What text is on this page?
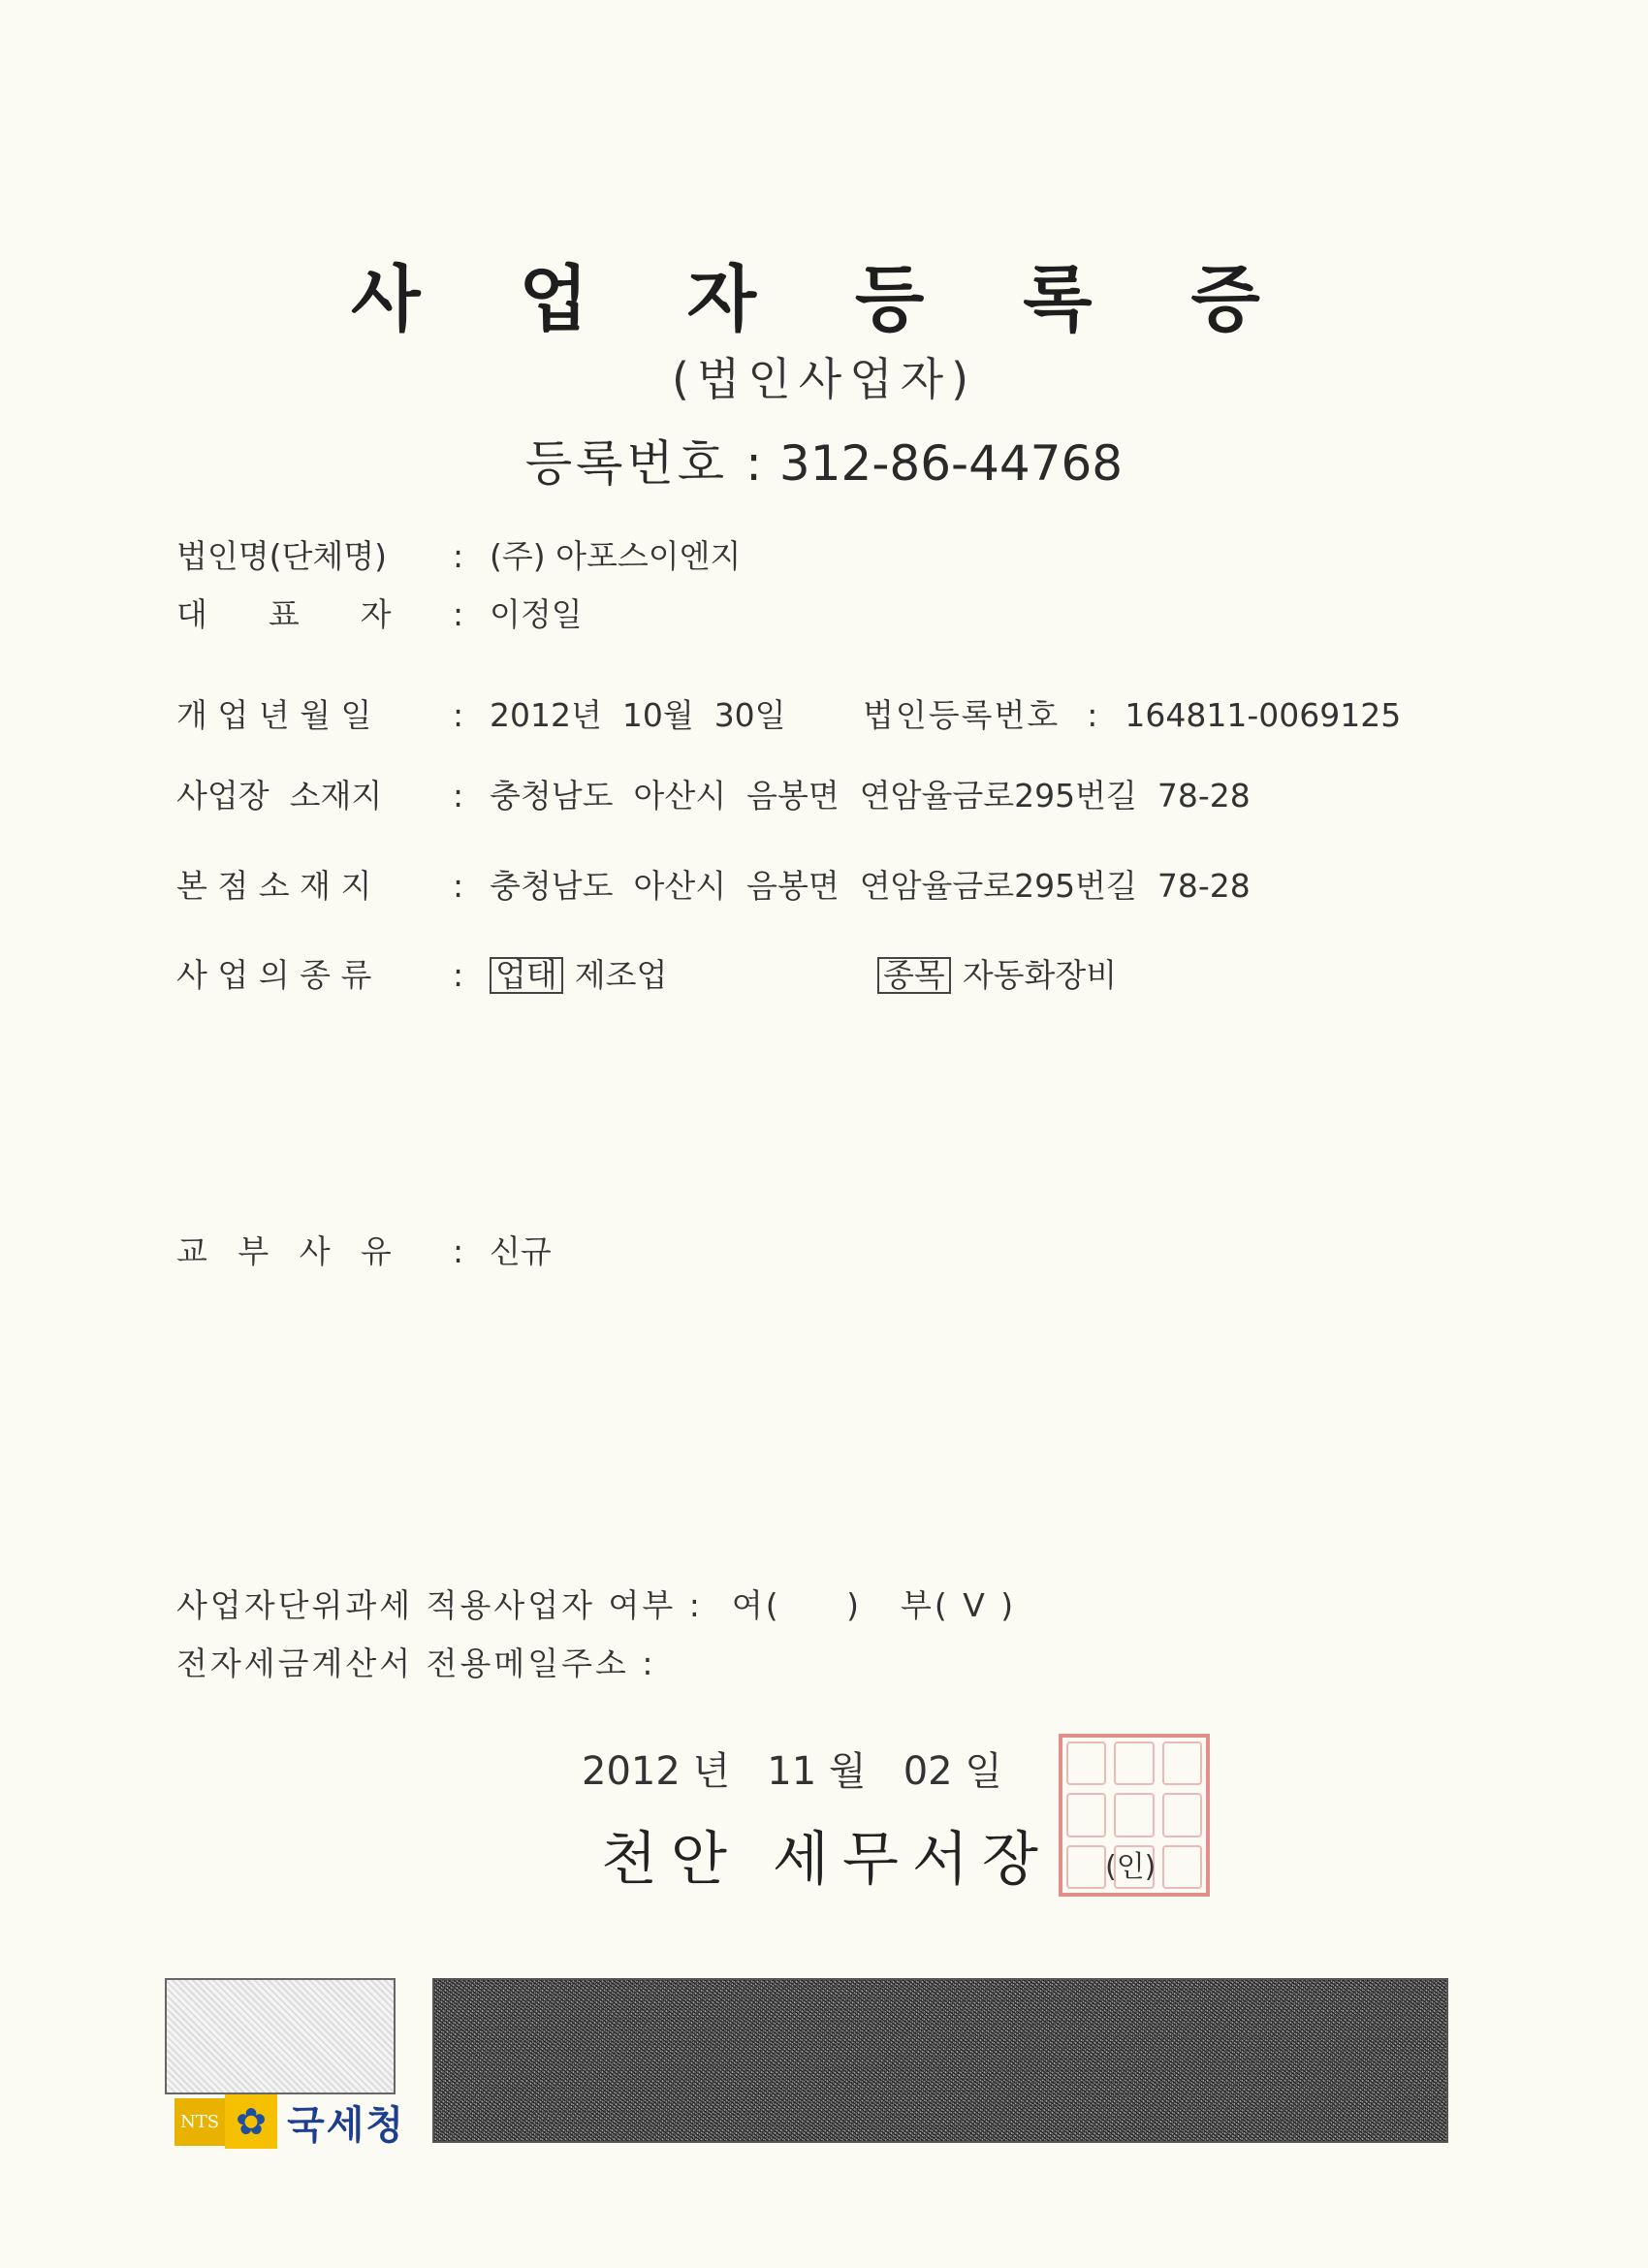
사 업 자 등 록 증
(법인사업자)
등록번호 : 312-86-44768
법인명(단체명) : (주) 아포스이엔지
대      표      자 : 이정일
개 업 년 월 일	: 2012년  10월  30일 법인등록번호 : 164811-0069125
사업장  소재지 : 충청남도  아산시  음봉면  연암율금로295번길  78-28
본 점 소 재 지	: 충청남도  아산시  음봉면  연암율금로295번길  78-28
사 업 의 종 류	: 업태 제조업	종목 자동화장비
교   부   사   유 : 신규
사업자단위과세 적용사업자 여부 : 여(     ) 부( V )
전자세금계산서 전용메일주소 :
2012 년   11 월   02 일
천안 세무서장 (인)
NTS ✿ 국세청
